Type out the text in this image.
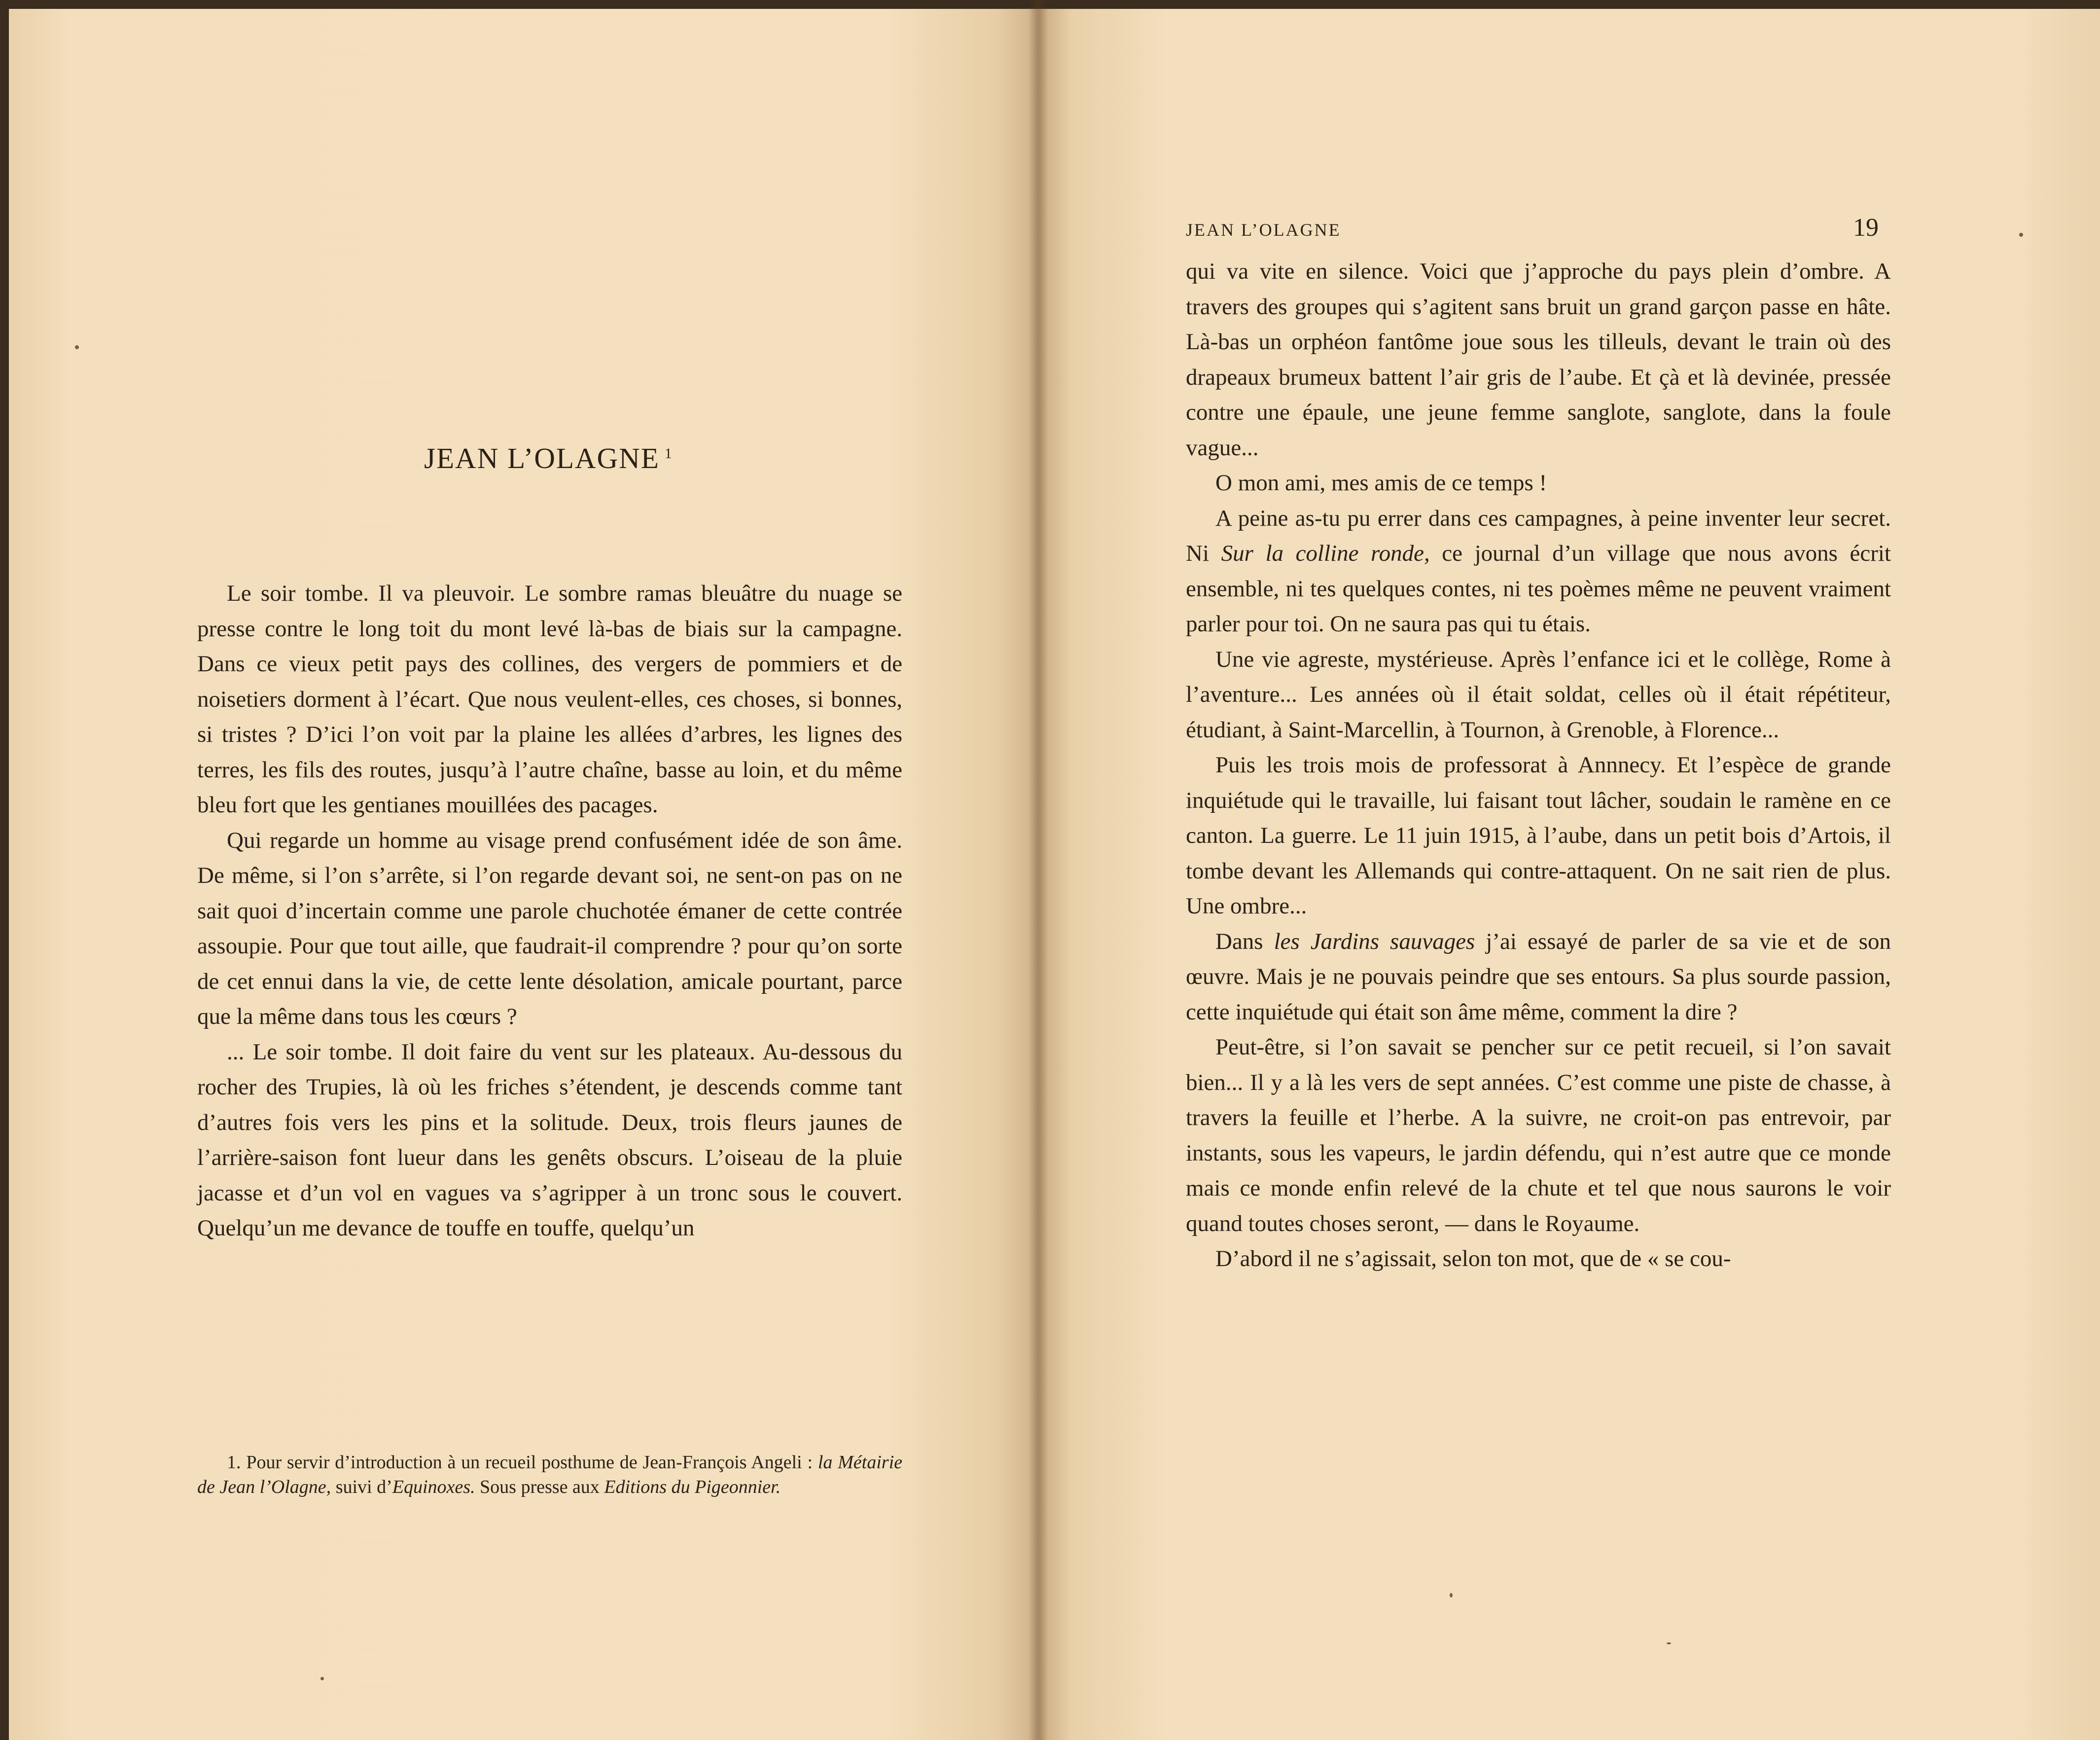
JEAN L’OLAGNE $^1$

Le soir tombe. Il va pleuvoir. Le sombre ramas bleuâtre du nuage se presse contre le long toit du mont levé là-bas de biais sur la campagne. Dans ce vieux petit pays des collines, des vergers de pommiers et de noisetiers dorment à l’écart. Que nous veulent-elles, ces choses, si bonnes, si tristes ? D’ici l’on voit par la plaine les allées d’arbres, les lignes des terres, les fils des routes, jusqu’à l’autre chaîne, basse au loin, et du même bleu fort que les gentianes mouillées des pacages.

Qui regarde un homme au visage prend confusément idée de son âme. De même, si l’on s’arrête, si l’on regarde devant soi, ne sent-on pas on ne sait quoi d’incertain comme une parole chuchotée émaner de cette contrée assoupie. Pour que tout aille, que faudrait-il comprendre ? pour qu’on sorte de cet ennui dans la vie, de cette lente désolation, amicale pourtant, parce que la même dans tous les cœurs ?

... Le soir tombe. Il doit faire du vent sur les plateaux. Au-dessous du rocher des Trupies, là où les friches s’étendent, je descends comme tant d’autres fois vers les pins et la solitude. Deux, trois fleurs jaunes de l’arrière-saison font lueur dans les genêts obscurs. L’oiseau de la pluie jacasse et d’un vol en vagues va s’agripper à un tronc sous le couvert. Quelqu’un me devance de touffe en touffe, quelqu’un

1. Pour servir d’introduction à un recueil posthume de Jean-François Angeli : la Métairie de Jean l’Olagne, suivi d’Equinoxes. Sous presse aux Editions du Pigeonnier.

JEAN L’OLAGNE	19

qui va vite en silence. Voici que j’approche du pays plein d’ombre. A travers des groupes qui s’agitent sans bruit un grand garçon passe en hâte. Là-bas un orphéon fantôme joue sous les tilleuls, devant le train où des drapeaux brumeux battent l’air gris de l’aube. Et çà et là devinée, pressée contre une épaule, une jeune femme sanglote, sanglote, dans la foule vague...

O mon ami, mes amis de ce temps !

A peine as-tu pu errer dans ces campagnes, à peine inventer leur secret. Ni Sur la colline ronde, ce journal d’un village que nous avons écrit ensemble, ni tes quelques contes, ni tes poèmes même ne peuvent vraiment parler pour toi. On ne saura pas qui tu étais.

Une vie agreste, mystérieuse. Après l’enfance ici et le collège, Rome à l’aventure... Les années où il était soldat, celles où il était répétiteur, étudiant, à Saint-Marcellin, à Tournon, à Grenoble, à Florence...

Puis les trois mois de professorat à Annnecy. Et l’espèce de grande inquiétude qui le travaille, lui faisant tout lâcher, soudain le ramène en ce canton. La guerre. Le 11 juin 1915, à l’aube, dans un petit bois d’Artois, il tombe devant les Allemands qui contre-attaquent. On ne sait rien de plus. Une ombre...

Dans les Jardins sauvages j’ai essayé de parler de sa vie et de son œuvre. Mais je ne pouvais peindre que ses entours. Sa plus sourde passion, cette inquiétude qui était son âme même, comment la dire ?

Peut-être, si l’on savait se pencher sur ce petit recueil, si l’on savait bien... Il y a là les vers de sept années. C’est comme une piste de chasse, à travers la feuille et l’herbe. A la suivre, ne croit-on pas entrevoir, par instants, sous les vapeurs, le jardin défendu, qui n’est autre que ce monde mais ce monde enfin relevé de la chute et tel que nous saurons le voir quand toutes choses seront, — dans le Royaume.

D’abord il ne s’agissait, selon ton mot, que de « se cou-
